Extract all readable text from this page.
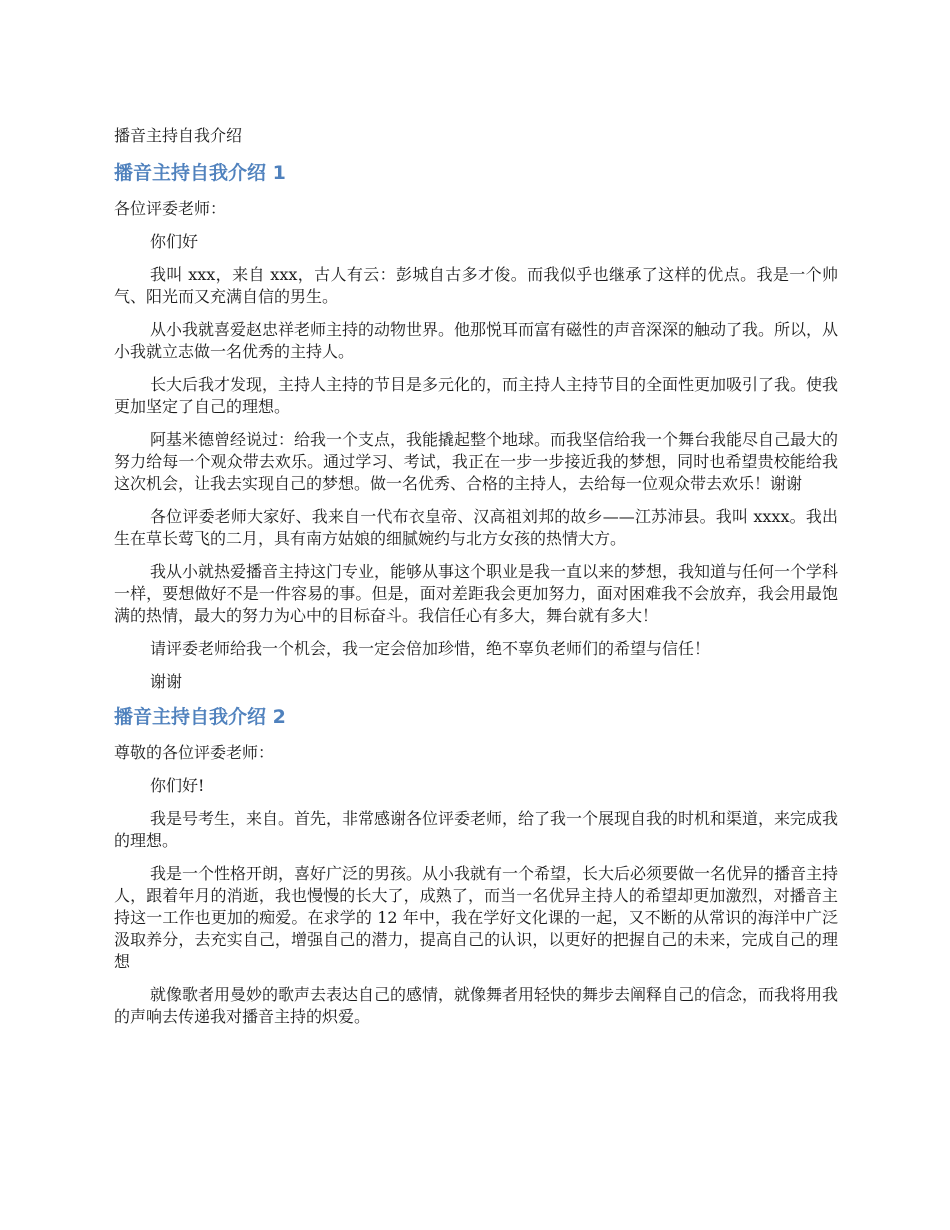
播音主持自我介绍

播音主持自我介绍 1

各位评委老师：

你们好

我叫 xxx，来自 xxx，古人有云：彭城自古多才俊。而我似乎也继承了这样的优点。我是一个帅气、阳光而又充满自信的男生。

从小我就喜爱赵忠祥老师主持的动物世界。他那悦耳而富有磁性的声音深深的触动了我。所以，从小我就立志做一名优秀的主持人。

长大后我才发现，主持人主持的节目是多元化的，而主持人主持节目的全面性更加吸引了我。使我更加坚定了自己的理想。

阿基米德曾经说过：给我一个支点，我能撬起整个地球。而我坚信给我一个舞台我能尽自己最大的努力给每一个观众带去欢乐。通过学习、考试，我正在一步一步接近我的梦想，同时也希望贵校能给我这次机会，让我去实现自己的梦想。做一名优秀、合格的主持人，去给每一位观众带去欢乐！谢谢

各位评委老师大家好、我来自一代布衣皇帝、汉高祖刘邦的故乡——江苏沛县。我叫 xxxx。我出生在草长莺飞的二月，具有南方姑娘的细腻婉约与北方女孩的热情大方。

我从小就热爱播音主持这门专业，能够从事这个职业是我一直以来的梦想，我知道与任何一个学科一样，要想做好不是一件容易的事。但是，面对差距我会更加努力，面对困难我不会放弃，我会用最饱满的热情，最大的努力为心中的目标奋斗。我信任心有多大，舞台就有多大！

请评委老师给我一个机会，我一定会倍加珍惜，绝不辜负老师们的希望与信任！

谢谢

播音主持自我介绍 2

尊敬的各位评委老师：

你们好!

我是号考生，来自。首先，非常感谢各位评委老师，给了我一个展现自我的时机和渠道，来完成我的理想。

我是一个性格开朗，喜好广泛的男孩。从小我就有一个希望，长大后必须要做一名优异的播音主持人，跟着年月的消逝，我也慢慢的长大了，成熟了，而当一名优异主持人的希望却更加激烈，对播音主持这一工作也更加的痴爱。在求学的 12 年中，我在学好文化课的一起，又不断的从常识的海洋中广泛汲取养分，去充实自己，增强自己的潜力，提高自己的认识，以更好的把握自己的未来，完成自己的理想

就像歌者用曼妙的歌声去表达自己的感情，就像舞者用轻快的舞步去阐释自己的信念，而我将用我的声响去传递我对播音主持的炽爱。
